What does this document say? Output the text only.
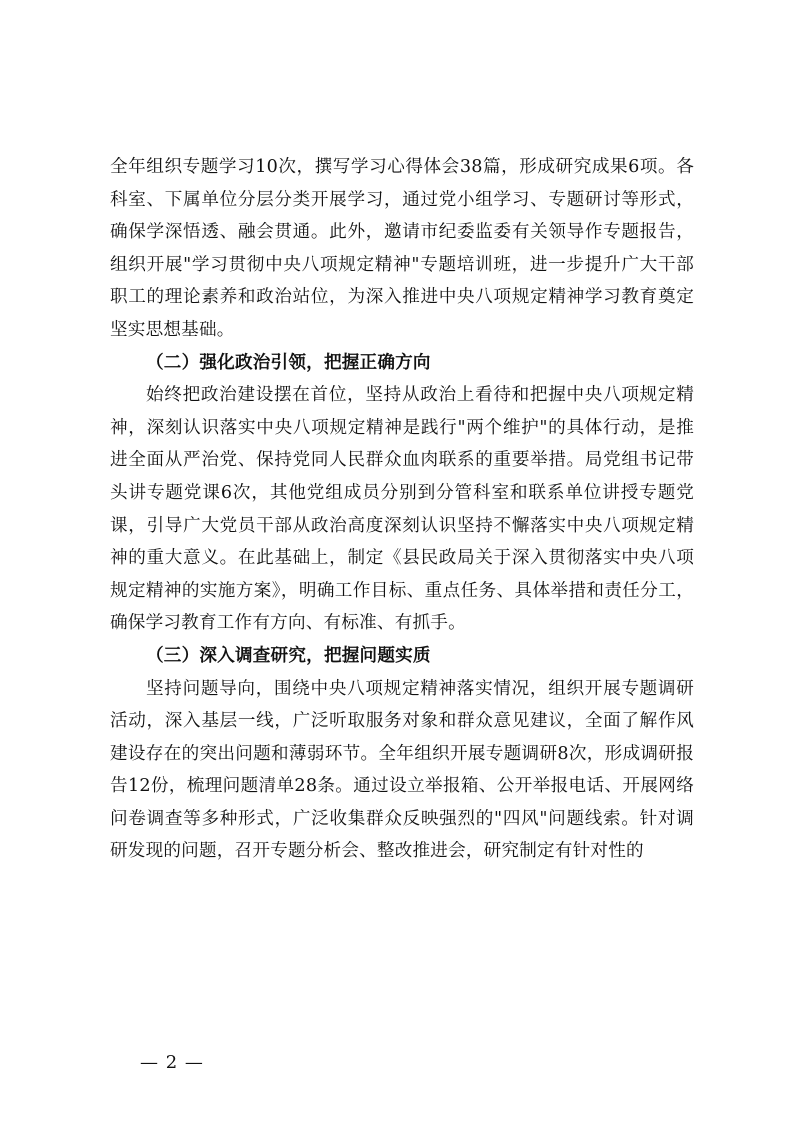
全年组织专题学习10次，撰写学习心得体会38篇，形成研究成果6项。各科室、下属单位分层分类开展学习，通过党小组学习、专题研讨等形式，确保学深悟透、融会贯通。此外，邀请市纪委监委有关领导作专题报告，组织开展"学习贯彻中央八项规定精神"专题培训班，进一步提升广大干部职工的理论素养和政治站位，为深入推进中央八项规定精神学习教育奠定坚实思想基础。

（二）强化政治引领，把握正确方向

始终把政治建设摆在首位，坚持从政治上看待和把握中央八项规定精神，深刻认识落实中央八项规定精神是践行"两个维护"的具体行动，是推进全面从严治党、保持党同人民群众血肉联系的重要举措。局党组书记带头讲专题党课6次，其他党组成员分别到分管科室和联系单位讲授专题党课，引导广大党员干部从政治高度深刻认识坚持不懈落实中央八项规定精神的重大意义。在此基础上，制定《县民政局关于深入贯彻落实中央八项规定精神的实施方案》，明确工作目标、重点任务、具体举措和责任分工，确保学习教育工作有方向、有标准、有抓手。

（三）深入调查研究，把握问题实质

坚持问题导向，围绕中央八项规定精神落实情况，组织开展专题调研活动，深入基层一线，广泛听取服务对象和群众意见建议，全面了解作风建设存在的突出问题和薄弱环节。全年组织开展专题调研8次，形成调研报告12份，梳理问题清单28条。通过设立举报箱、公开举报电话、开展网络问卷调查等多种形式，广泛收集群众反映强烈的"四风"问题线索。针对调研发现的问题，召开专题分析会、整改推进会，研究制定有针对性的

— 2 —
